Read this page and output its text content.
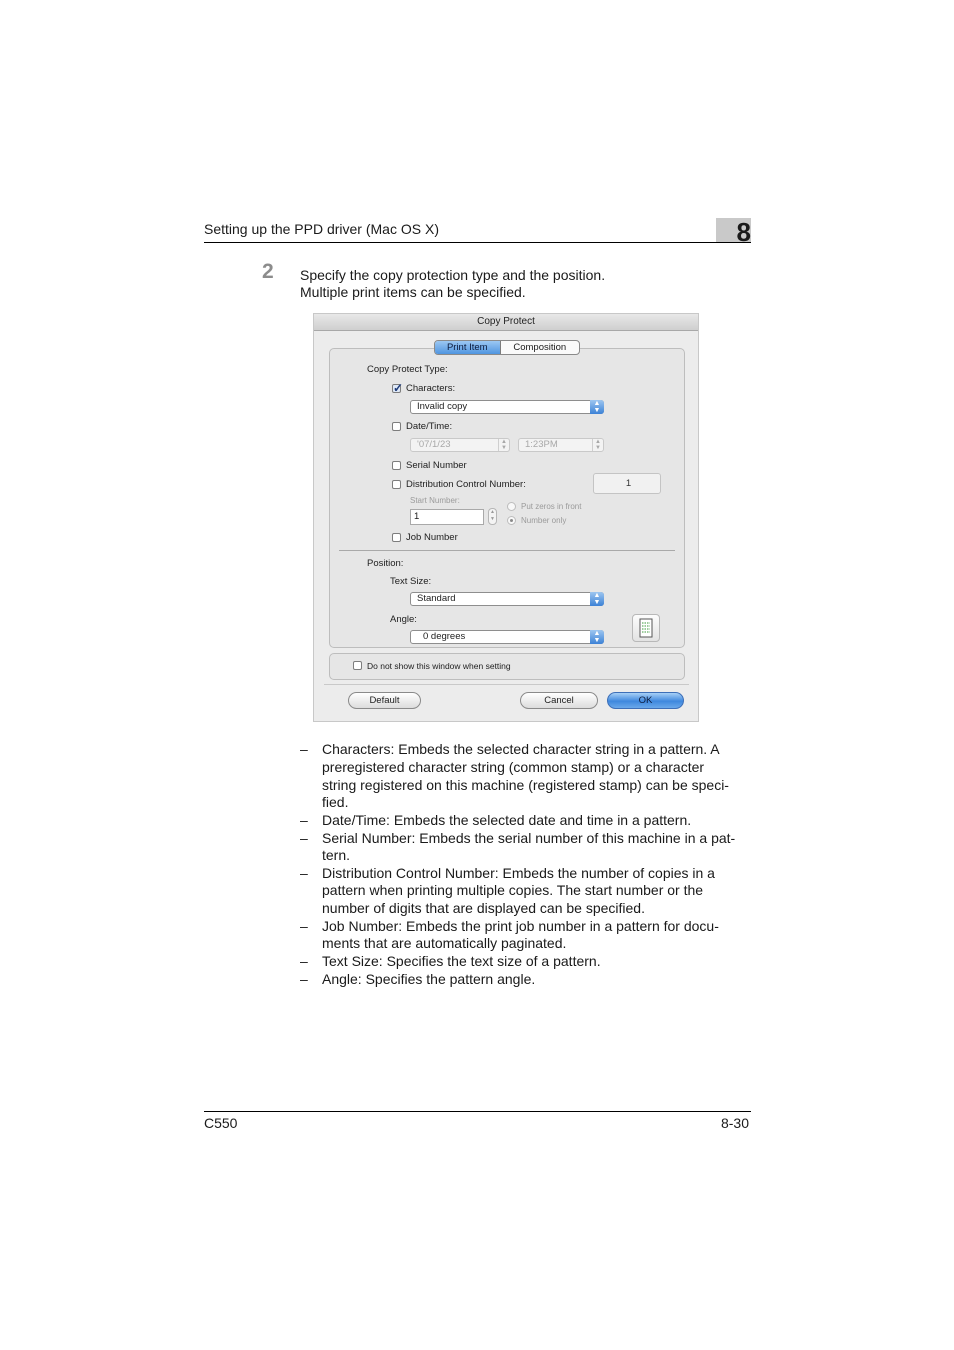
Setting up the PPD driver (Mac OS X)	8
2 Specify the copy protection type and the position.
Multiple print items can be specified.
Copy Protect
Print Item	Composition
Copy Protect Type:
✓ Characters:
Invalid copy	▲
▼
Date/Time:
'07/1/23	▲
▼	1:23PM	▲
▼
Serial Number
Distribution Control Number:	1
Start Number:
1	▲
▼
Put zeros in front
Number only
Job Number
Position:
Text Size:
Standard	▲
▼
Angle:
0 degrees	▲
▼
Do not show this window when setting
Default	Cancel	OK
– Characters: Embeds the selected character string in a pattern. A
preregistered character string (common stamp) or a character
string registered on this machine (registered stamp) can be speci-
fied.
– Date/Time: Embeds the selected date and time in a pattern.
– Serial Number: Embeds the serial number of this machine in a pat-
tern.
– Distribution Control Number: Embeds the number of copies in a
pattern when printing multiple copies. The start number or the
number of digits that are displayed can be specified.
– Job Number: Embeds the print job number in a pattern for docu-
ments that are automatically paginated.
– Text Size: Specifies the text size of a pattern.
– Angle: Specifies the pattern angle.
C550	8-30
